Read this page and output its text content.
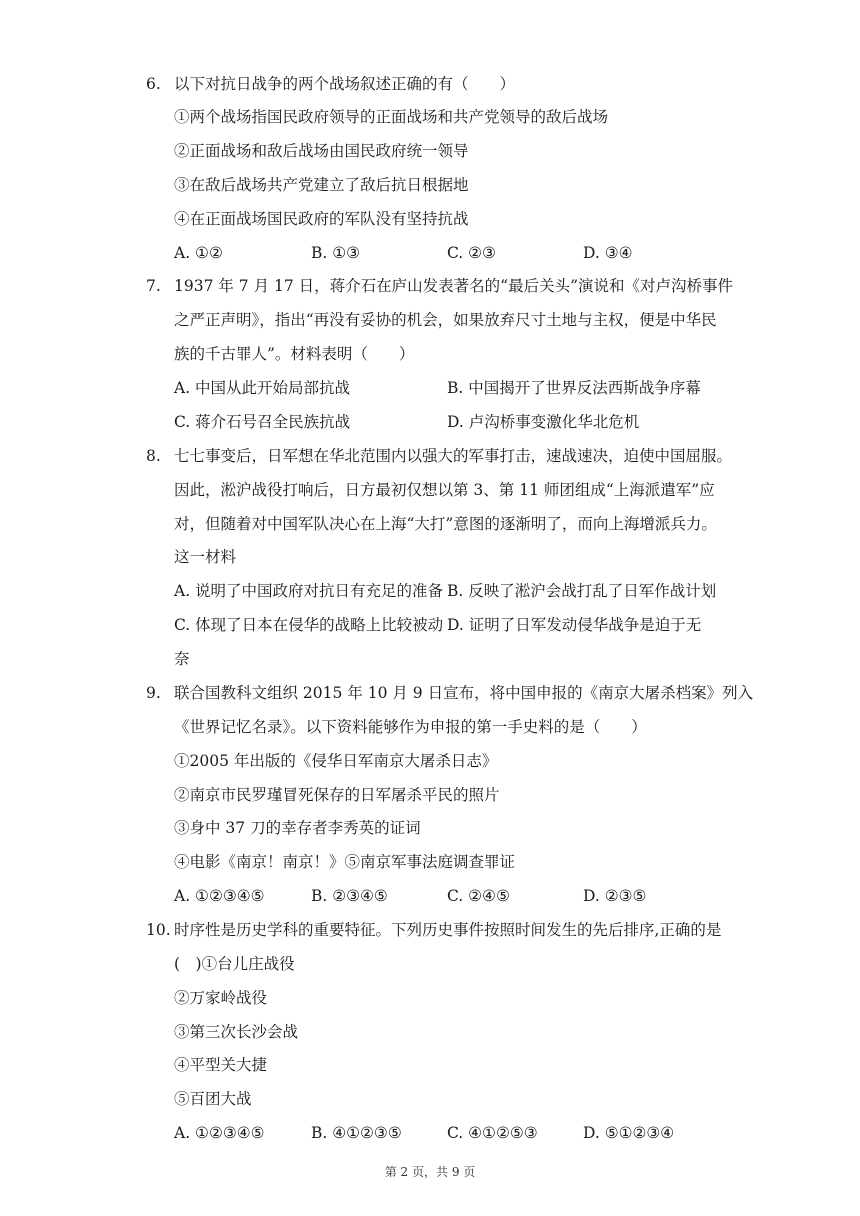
6. 以下对抗日战争的两个战场叙述正确的有（　　）
①两个战场指国民政府领导的正面战场和共产党领导的敌后战场
②正面战场和敌后战场由国民政府统一领导
③在敌后战场共产党建立了敌后抗日根据地
④在正面战场国民政府的军队没有坚持抗战
A. ①②	B. ①③	C. ②③	D. ③④
7. 1937 年 7 月 17 日，蒋介石在庐山发表著名的“最后关头”演说和《对卢沟桥事件
之严正声明》，指出“再没有妥协的机会，如果放弃尺寸土地与主权，便是中华民
族的千古罪人”。材料表明（　　）
A. 中国从此开始局部抗战	B. 中国揭开了世界反法西斯战争序幕
C. 蒋介石号召全民族抗战	D. 卢沟桥事变激化华北危机
8. 七七事变后，日军想在华北范围内以强大的军事打击，速战速决，迫使中国屈服。
因此，淞沪战役打响后，日方最初仅想以第 3、第 11 师团组成“上海派遣军”应
对，但随着对中国军队决心在上海“大打”意图的逐渐明了，而向上海增派兵力。
这一材料
A. 说明了中国政府对抗日有充足的准备 B. 反映了淞沪会战打乱了日军作战计划
C. 体现了日本在侵华的战略上比较被动 D. 证明了日军发动侵华战争是迫于无
奈
9. 联合国教科文组织 2015 年 10 月 9 日宣布，将中国申报的《南京大屠杀档案》列入
《世界记忆名录》。以下资料能够作为申报的第一手史料的是（　　）
①2005 年出版的《侵华日军南京大屠杀日志》
②南京市民罗瑾冒死保存的日军屠杀平民的照片
③身中 37 刀的幸存者李秀英的证词
④电影《南京！南京！》⑤南京军事法庭调查罪证
A. ①②③④⑤	B. ②③④⑤	C. ②④⑤	D. ②③⑤
10. 时序性是历史学科的重要特征。下列历史事件按照时间发生的先后排序,正确的是
(　)①台儿庄战役
②万家岭战役
③第三次长沙会战
④平型关大捷
⑤百团大战
A. ①②③④⑤	B. ④①②③⑤	C. ④①②⑤③	D. ⑤①②③④
第 2 页，共 9 页
